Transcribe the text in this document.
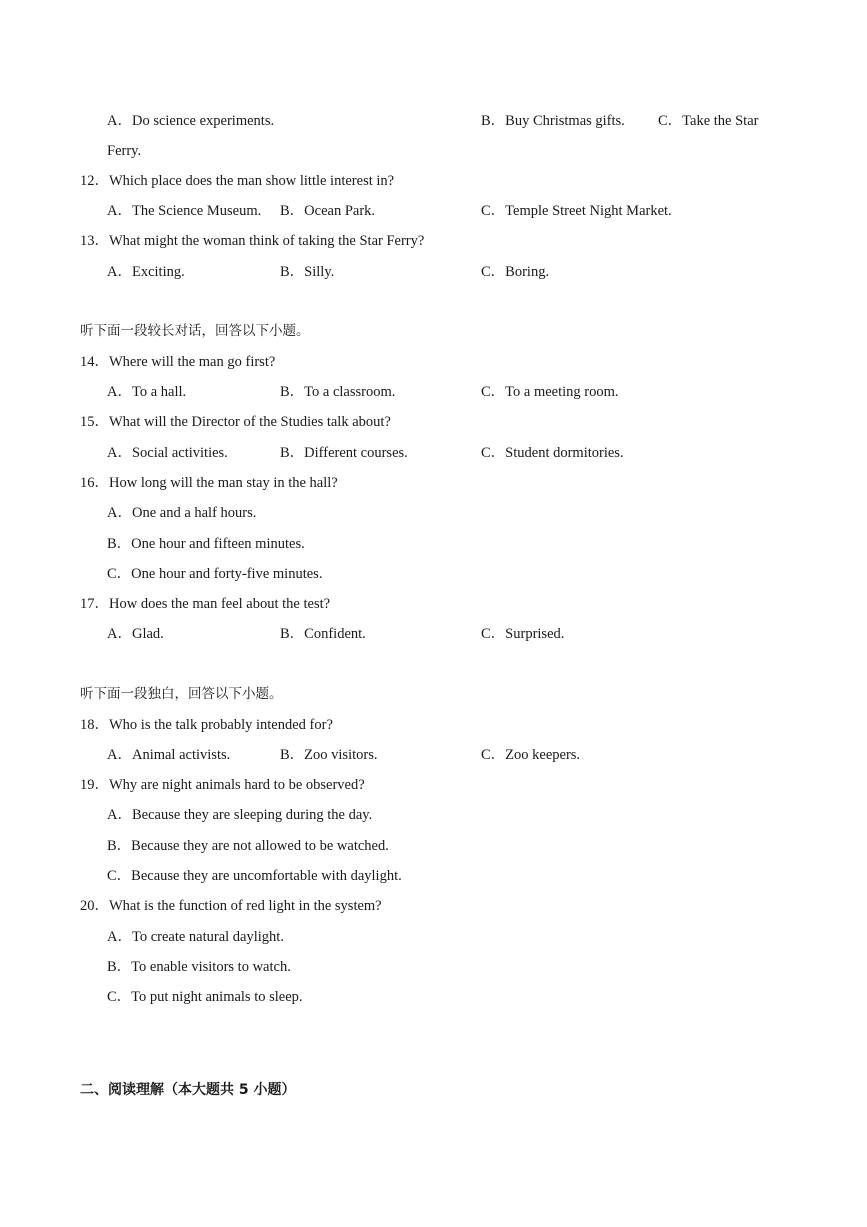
A．Do science experiments.	B．Buy Christmas gifts. C．Take the Star
Ferry.
12．Which place does the man show little interest in?
A．The Science Museum. B．Ocean Park.	C．Temple Street Night Market.
13．What might the woman think of taking the Star Ferry?
A．Exciting.	B．Silly.	C．Boring.
听下面一段较长对话，回答以下小题。
14．Where will the man go first?
A．To a hall.	B．To a classroom.	C．To a meeting room.
15．What will the Director of the Studies talk about?
A．Social activities.	B．Different courses.	C．Student dormitories.
16．How long will the man stay in the hall?
A．One and a half hours.
B．One hour and fifteen minutes.
C．One hour and forty-five minutes.
17．How does the man feel about the test?
A．Glad.	B．Confident.	C．Surprised.
听下面一段独白，回答以下小题。
18．Who is the talk probably intended for?
A．Animal activists.	B．Zoo visitors.	C．Zoo keepers.
19．Why are night animals hard to be observed?
A．Because they are sleeping during the day.
B．Because they are not allowed to be watched.
C．Because they are uncomfortable with daylight.
20．What is the function of red light in the system?
A．To create natural daylight.
B．To enable visitors to watch.
C．To put night animals to sleep.
二、阅读理解（本大题共 5 小题）
